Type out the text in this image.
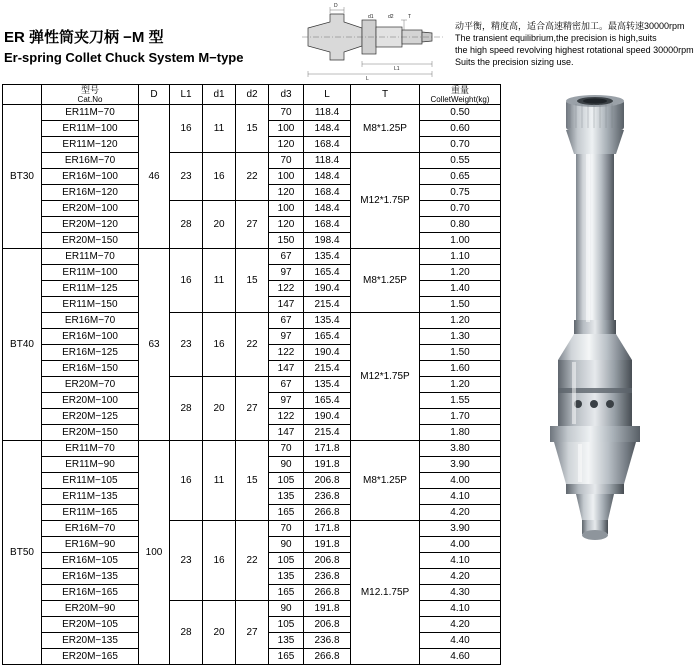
ER 弹性筒夹刀柄 −M 型
Er-spring Collet Chuck System M−type
D
d1	d2
L1
L
T
动平衡，精度高，适合高速精密加工。最高转速30000rpm
The transient equilibrium,the precision is high,suits
the high speed revolving highest rotational speed 30000rpm
Suits the precision sizing use.

	型号
Cat.No	D	L1	d1	d2	d3	L	T	重量
ColletWeight(kg)

BT30	ER11M−70	46	16	11	15	70	118.4	M8*1.25P	0.50
	ER11M−100					100	148.4		0.60
	ER11M−120					120	168.4		0.70
	ER16M−70		23	16	22	70	118.4	M12*1.75P	0.55
	ER16M−100					100	148.4		0.65
	ER16M−120					120	168.4		0.75
	ER20M−100		28	20	27	100	148.4		0.70
	ER20M−120					120	168.4		0.80
	ER20M−150					150	198.4		1.00
BT40	ER11M−70	63	16	11	15	67	135.4	M8*1.25P	1.10
	ER11M−100					97	165.4		1.20
	ER11M−125					122	190.4		1.40
	ER11M−150					147	215.4		1.50
	ER16M−70		23	16	22	67	135.4	M12*1.75P	1.20
	ER16M−100					97	165.4		1.30
	ER16M−125					122	190.4		1.50
	ER16M−150					147	215.4		1.60
	ER20M−70		28	20	27	67	135.4		1.20
	ER20M−100					97	165.4		1.55
	ER20M−125					122	190.4		1.70
	ER20M−150					147	215.4		1.80
BT50	ER11M−70	100	16	11	15	70	171.8	M8*1.25P	3.80
	ER11M−90					90	191.8		3.90
	ER11M−105					105	206.8		4.00
	ER11M−135					135	236.8		4.10
	ER11M−165					165	266.8		4.20
	ER16M−70		23	16	22	70	171.8	M12.1.75P	3.90
	ER16M−90					90	191.8		4.00
	ER16M−105					105	206.8		4.10
	ER16M−135					135	236.8		4.20
	ER16M−165					165	266.8		4.30
	ER20M−90		28	20	27	90	191.8		4.10
	ER20M−105					105	206.8		4.20
	ER20M−135					135	236.8		4.40
	ER20M−165					165	266.8		4.60
